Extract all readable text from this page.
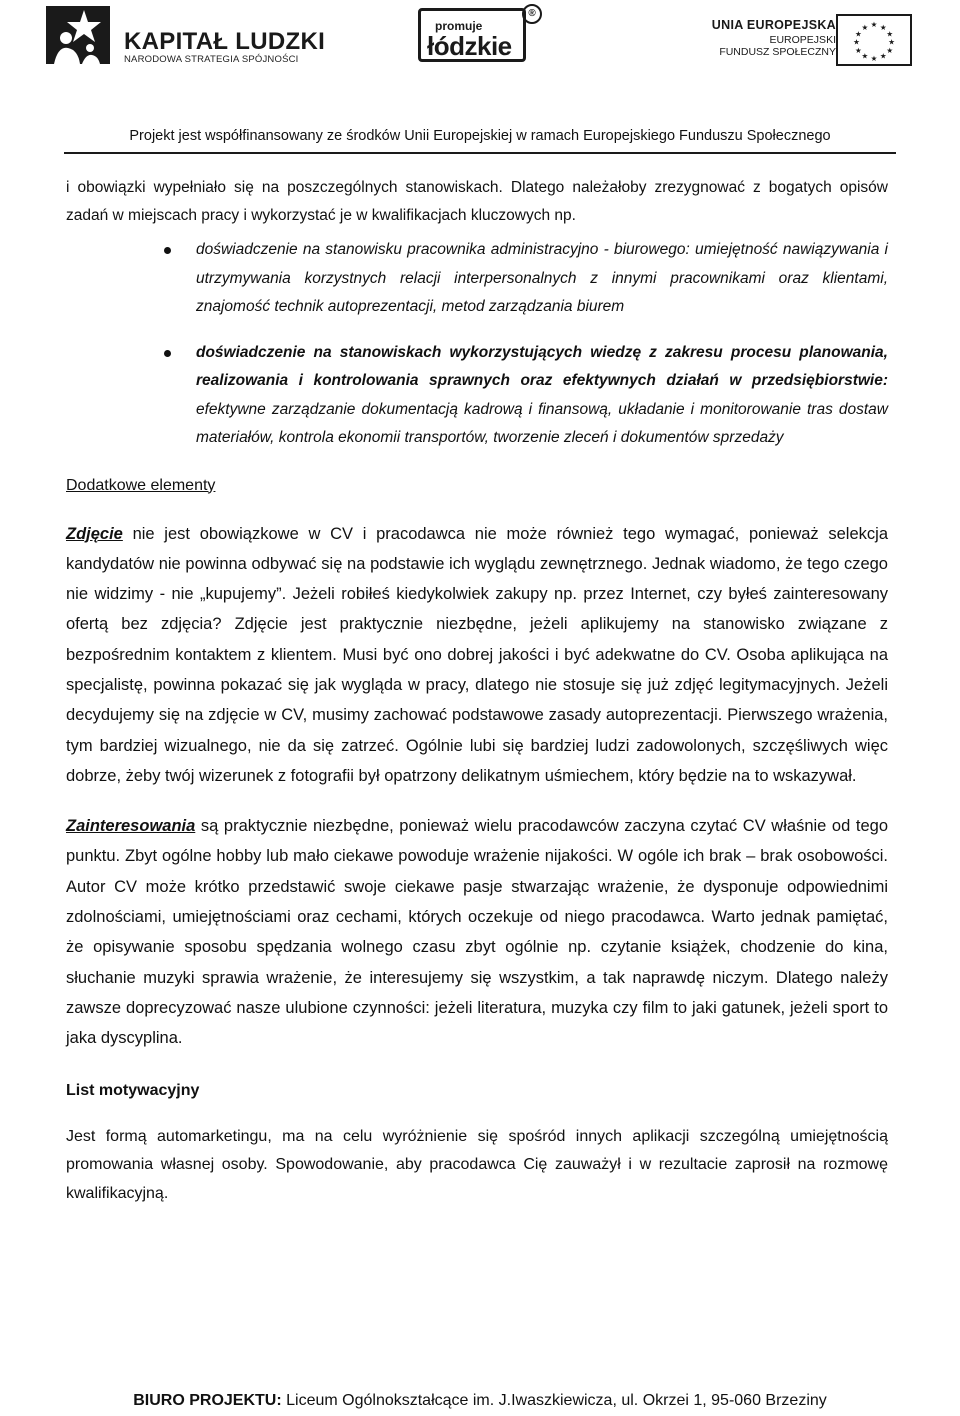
KAPITAŁ LUDZKI
NARODOWA STRATEGIA SPÓJNOŚCI
promuje
łódzkie
®
UNIA EUROPEJSKA
EUROPEJSKI
FUNDUSZ SPOŁECZNY
★ ★
★
★
★
★
★
★
★
★
★
★
Projekt jest współfinansowany ze środków Unii Europejskiej w ramach Europejskiego Funduszu Społecznego

i obowiązki wypełniało się na poszczególnych stanowiskach. Dlatego należałoby zrezygnować z bogatych opisów zadań w miejscach pracy i wykorzystać je w kwalifikacjach kluczowych np.

doświadczenie na stanowisku pracownika administracyjno - biurowego: umiejętność nawiązywania i utrzymywania korzystnych relacji interpersonalnych z innymi pracownikami oraz klientami, znajomość technik autoprezentacji, metod zarządzania biurem
doświadczenie na stanowiskach wykorzystujących wiedzę z zakresu procesu planowania, realizowania i kontrolowania sprawnych oraz efektywnych działań w przedsiębiorstwie: efektywne zarządzanie dokumentacją kadrową i finansową, układanie i monitorowanie tras dostaw materiałów, kontrola ekonomii transportów, tworzenie zleceń i dokumentów sprzedaży
Dodatkowe elementy

Zdjęcie nie jest obowiązkowe w CV i pracodawca nie może również tego wymagać, ponieważ selekcja kandydatów nie powinna odbywać się na podstawie ich wyglądu zewnętrznego. Jednak wiadomo, że tego czego nie widzimy - nie „kupujemy”. Jeżeli robiłeś kiedykolwiek zakupy np. przez Internet, czy byłeś zainteresowany ofertą bez zdjęcia? Zdjęcie jest praktycznie niezbędne, jeżeli aplikujemy na stanowisko związane z bezpośrednim kontaktem z klientem. Musi być ono dobrej jakości i być adekwatne do CV. Osoba aplikująca na specjalistę, powinna pokazać się jak wygląda w pracy, dlatego nie stosuje się już zdjęć legitymacyjnych. Jeżeli decydujemy się na zdjęcie w CV, musimy zachować podstawowe zasady autoprezentacji. Pierwszego wrażenia, tym bardziej wizualnego, nie da się zatrzeć. Ogólnie lubi się bardziej ludzi zadowolonych, szczęśliwych więc dobrze, żeby twój wizerunek z fotografii był opatrzony delikatnym uśmiechem, który będzie na to wskazywał.

Zainteresowania są praktycznie niezbędne, ponieważ wielu pracodawców zaczyna czytać CV właśnie od tego punktu. Zbyt ogólne hobby lub mało ciekawe powoduje wrażenie nijakości. W ogóle ich brak – brak osobowości. Autor CV może krótko przedstawić swoje ciekawe pasje stwarzając wrażenie, że dysponuje odpowiednimi zdolnościami, umiejętnościami oraz cechami, których oczekuje od niego pracodawca. Warto jednak pamiętać, że opisywanie sposobu spędzania wolnego czasu zbyt ogólnie np. czytanie książek, chodzenie do kina, słuchanie muzyki sprawia wrażenie, że interesujemy się wszystkim, a tak naprawdę niczym. Dlatego należy zawsze doprecyzować nasze ulubione czynności: jeżeli literatura, muzyka czy film to jaki gatunek, jeżeli sport to jaka dyscyplina.

List motywacyjny

Jest formą automarketingu, ma na celu wyróżnienie się spośród innych aplikacji szczególną umiejętnością promowania własnej osoby. Spowodowanie, aby pracodawca Cię zauważył i w rezultacie zaprosił na rozmowę kwalifikacyjną.

BIURO PROJEKTU: Liceum Ogólnokształcące im. J.Iwaszkiewicza, ul. Okrzei 1, 95-060 Brzeziny
